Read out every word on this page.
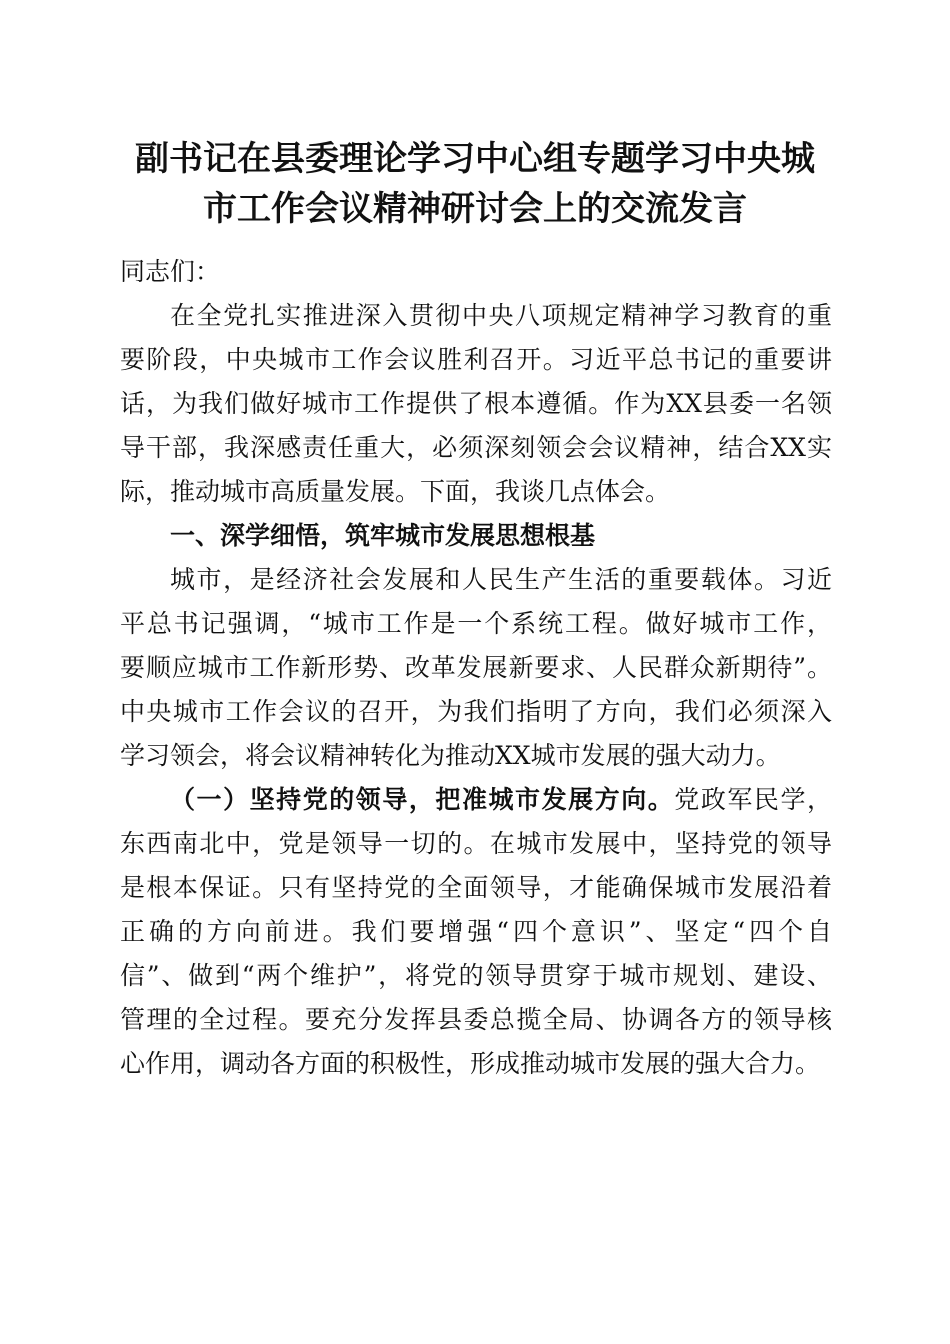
副书记在县委理论学习中心组专题学习中央城
市工作会议精神研讨会上的交流发言
同志们：
在全党扎实推进深入贯彻中央八项规定精神学习教育的重
要阶段，中央城市工作会议胜利召开。习近平总书记的重要讲
话，为我们做好城市工作提供了根本遵循。作为XX县委一名领
导干部，我深感责任重大，必须深刻领会会议精神，结合XX实
际，推动城市高质量发展。下面，我谈几点体会。
一、深学细悟，筑牢城市发展思想根基
城市，是经济社会发展和人民生产生活的重要载体。习近
平总书记强调，“城市工作是一个系统工程。做好城市工作，
要顺应城市工作新形势、改革发展新要求、人民群众新期待”。
中央城市工作会议的召开，为我们指明了方向，我们必须深入
学习领会，将会议精神转化为推动XX城市发展的强大动力。
（一）坚持党的领导，把准城市发展方向。党政军民学，
东西南北中，党是领导一切的。在城市发展中，坚持党的领导
是根本保证。只有坚持党的全面领导，才能确保城市发展沿着
正确的方向前进。我们要增强“四个意识”、坚定“四个自
信”、做到“两个维护”，将党的领导贯穿于城市规划、建设、
管理的全过程。要充分发挥县委总揽全局、协调各方的领导核
心作用，调动各方面的积极性，形成推动城市发展的强大合力。
